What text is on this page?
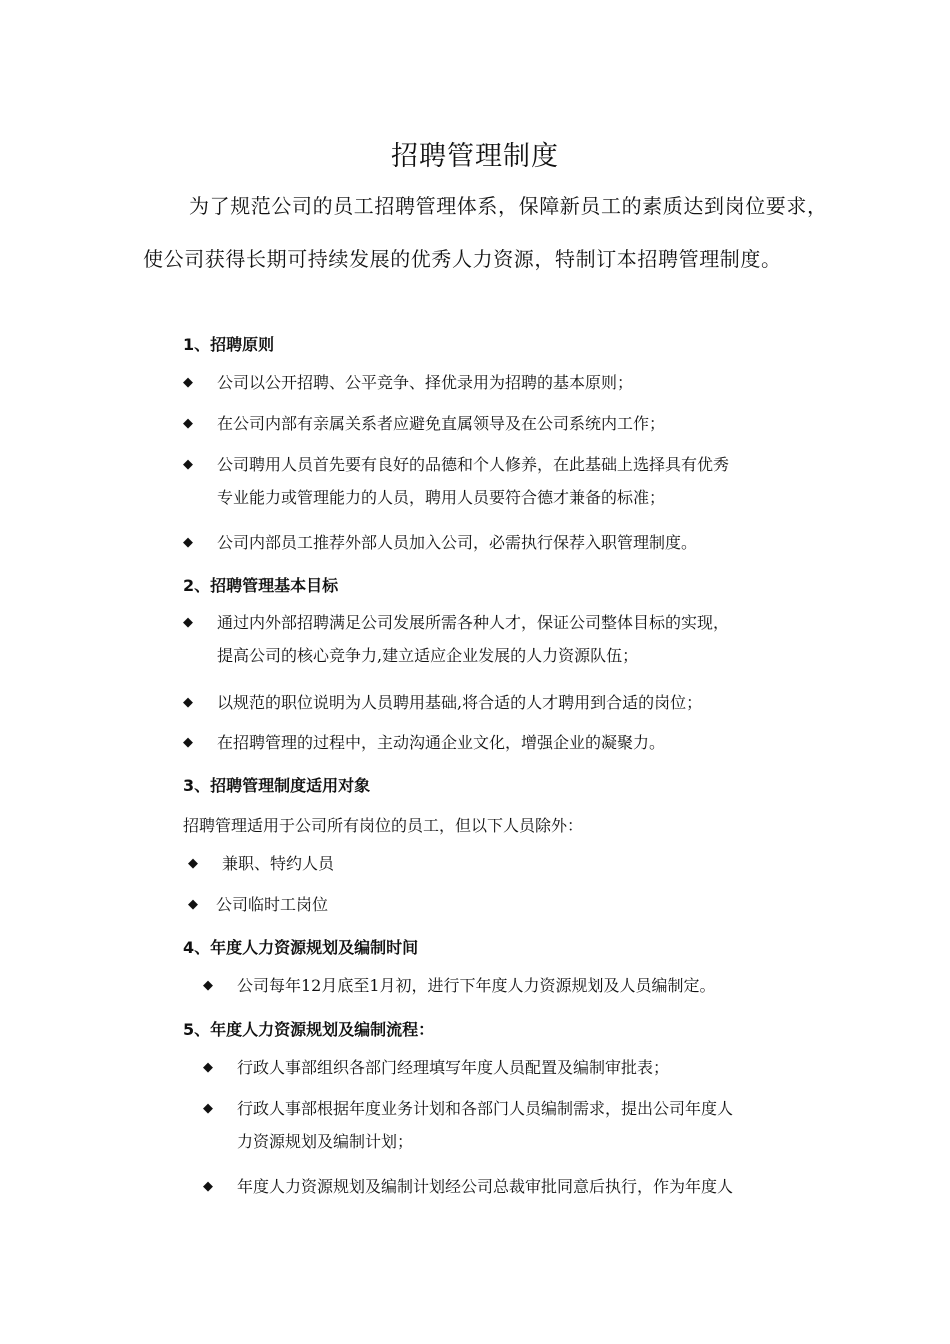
招聘管理制度

为了规范公司的员工招聘管理体系，保障新员工的素质达到岗位要求，使公司获得长期可持续发展的优秀人力资源，特制订本招聘管理制度。

1、招聘原则
◆ 公司以公开招聘、公平竞争、择优录用为招聘的基本原则；
◆ 在公司内部有亲属关系者应避免直属领导及在公司系统内工作；
◆ 公司聘用人员首先要有良好的品德和个人修养，在此基础上选择具有优秀
专业能力或管理能力的人员，聘用人员要符合德才兼备的标准；
◆ 公司内部员工推荐外部人员加入公司，必需执行保荐入职管理制度。
2、招聘管理基本目标
◆ 通过内外部招聘满足公司发展所需各种人才，保证公司整体目标的实现，
提高公司的核心竞争力,建立适应企业发展的人力资源队伍；
◆ 以规范的职位说明为人员聘用基础,将合适的人才聘用到合适的岗位；
◆ 在招聘管理的过程中，主动沟通企业文化，增强企业的凝聚力。
3、招聘管理制度适用对象
招聘管理适用于公司所有岗位的员工，但以下人员除外：
◆ 兼职、特约人员
◆ 公司临时工岗位
4、年度人力资源规划及编制时间
◆ 公司每年12月底至1月初，进行下年度人力资源规划及人员编制定。
5、年度人力资源规划及编制流程：
◆ 行政人事部组织各部门经理填写年度人员配置及编制审批表；
◆ 行政人事部根据年度业务计划和各部门人员编制需求，提出公司年度人
力资源规划及编制计划；
◆ 年度人力资源规划及编制计划经公司总裁审批同意后执行，作为年度人
